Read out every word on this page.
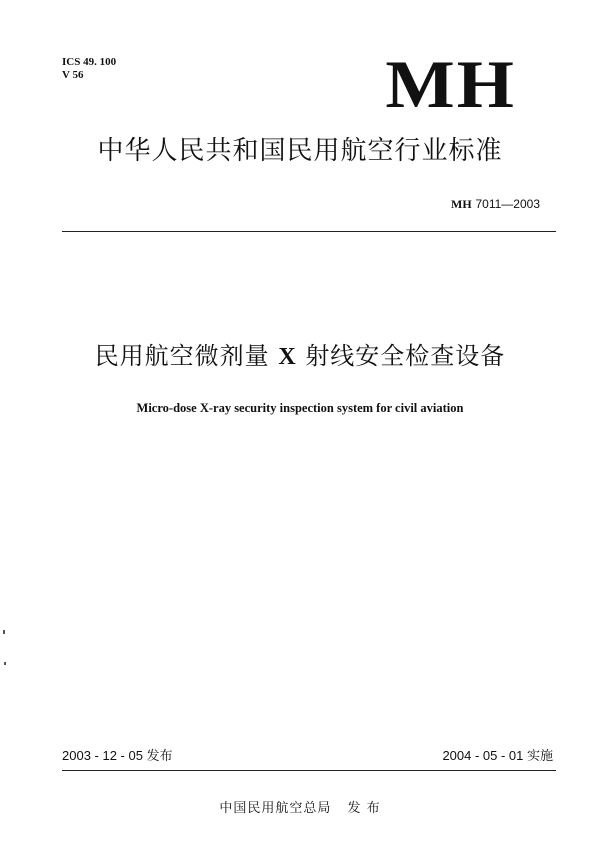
ICS 49. 100
V 56	MH
中华人民共和国民用航空行业标准
MH 7011—2003
民用航空微剂量 X 射线安全检查设备
Micro-dose X-ray security inspection system for civil aviation
2003 - 12 - 05 发布	2004 - 05 - 01 实施
中国民用航空总局 发 布
